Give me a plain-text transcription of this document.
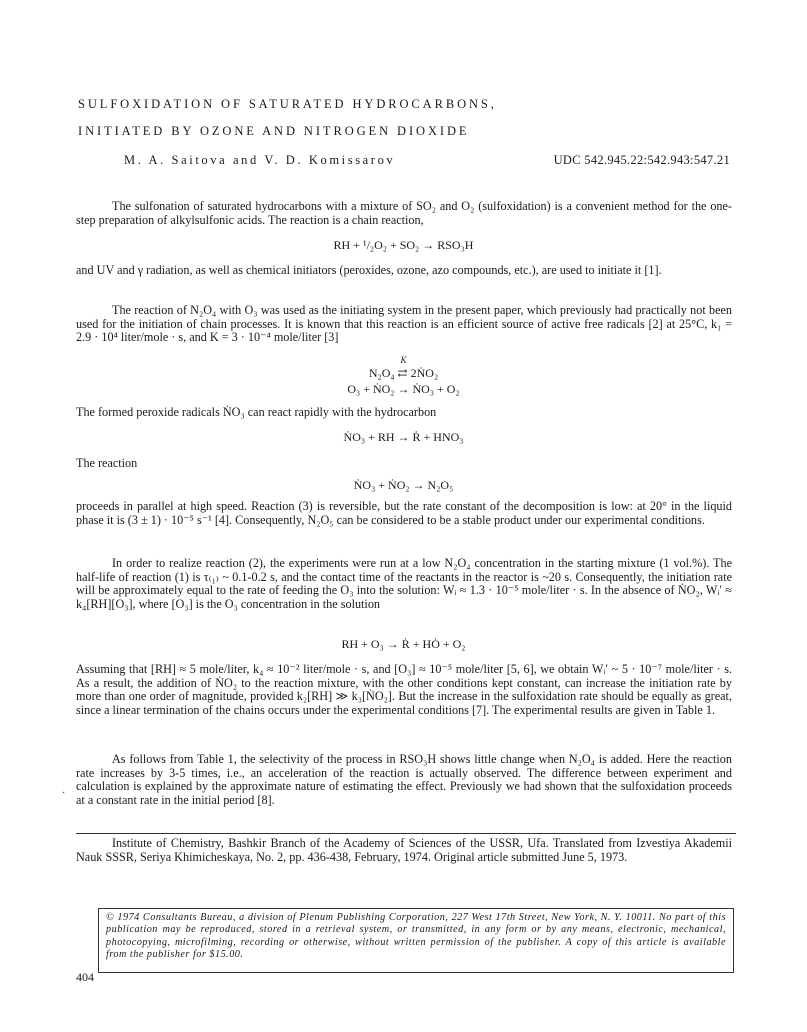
SULFOXIDATION OF SATURATED HYDROCARBONS,
INITIATED BY OZONE AND NITROGEN DIOXIDE
M. A. Saitova and V. D. Komissarov	UDC 542.945.22:542.943:547.21
The sulfonation of saturated hydrocarbons with a mixture of SO₂ and O₂ (sulfoxidation) is a convenient method for the one-step preparation of alkylsulfonic acids. The reaction is a chain reaction,
RH + ¹/₂O₂ + SO₂ → RSO₃H
and UV and γ radiation, as well as chemical initiators (peroxides, ozone, azo compounds, etc.), are used to initiate it [1].
The reaction of N₂O₄ with O₃ was used as the initiating system in the present paper, which previously had practically not been used for the initiation of chain processes. It is known that this reaction is an efficient source of active free radicals [2] at 25°C, k₁ = 2.9 · 10⁴ liter/mole · s, and K = 3 · 10⁻⁴ mole/liter [3]
K
N₂O₄ ⇄ 2ṄO₂
O₃ + ṄO₂ → ṄO₃ + O₂
The formed peroxide radicals ṄO₃ can react rapidly with the hydrocarbon
ṄO₃ + RH → Ṙ + HNO₃
The reaction
ṄO₃ + ṄO₂ → N₂O₅
proceeds in parallel at high speed. Reaction (3) is reversible, but the rate constant of the decomposition is low: at 20° in the liquid phase it is (3 ± 1) · 10⁻⁵ s⁻¹ [4]. Consequently, N₂O₅ can be considered to be a stable product under our experimental conditions.
In order to realize reaction (2), the experiments were run at a low N₂O₄ concentration in the starting mixture (1 vol.%). The half-life of reaction (1) is τ₍₁₎ ~ 0.1-0.2 s, and the contact time of the reactants in the reactor is ~20 s. Consequently, the initiation rate will be approximately equal to the rate of feeding the O₃ into the solution: Wᵢ ≈ 1.3 · 10⁻⁵ mole/liter · s. In the absence of ṄO₂, Wᵢ′ ≈ k₄[RH][O₃], where [O₃] is the O₃ concentration in the solution
RH + O₃ → Ṙ + HȮ + O₂
Assuming that [RH] ≈ 5 mole/liter, k₄ ≈ 10⁻² liter/mole · s, and [O₃] ≈ 10⁻⁵ mole/liter [5, 6], we obtain Wᵢ′ ~ 5 · 10⁻⁷ mole/liter · s. As a result, the addition of ṄO₂ to the reaction mixture, with the other conditions kept constant, can increase the initiation rate by more than one order of magnitude, provided k₂[RH] ≫ k₃[ṄO₂]. But the increase in the sulfoxidation rate should be equally as great, since a linear termination of the chains occurs under the experimental conditions [7]. The experimental results are given in Table 1.
·
As follows from Table 1, the selectivity of the process in RSO₃H shows little change when N₂O₄ is added. Here the reaction rate increases by 3-5 times, i.e., an acceleration of the reaction is actually observed. The difference between experiment and calculation is explained by the approximate nature of estimating the effect. Previously we had shown that the sulfoxidation proceeds at a constant rate in the initial period [8].
Institute of Chemistry, Bashkir Branch of the Academy of Sciences of the USSR, Ufa. Translated from Izvestiya Akademii Nauk SSSR, Seriya Khimicheskaya, No. 2, pp. 436-438, February, 1974. Original article submitted June 5, 1973.
© 1974 Consultants Bureau, a division of Plenum Publishing Corporation, 227 West 17th Street, New York, N. Y. 10011. No part of this publication may be reproduced, stored in a retrieval system, or transmitted, in any form or by any means, electronic, mechanical, photocopying, microfilming, recording or otherwise, without written permission of the publisher. A copy of this article is available from the publisher for $15.00.
404
